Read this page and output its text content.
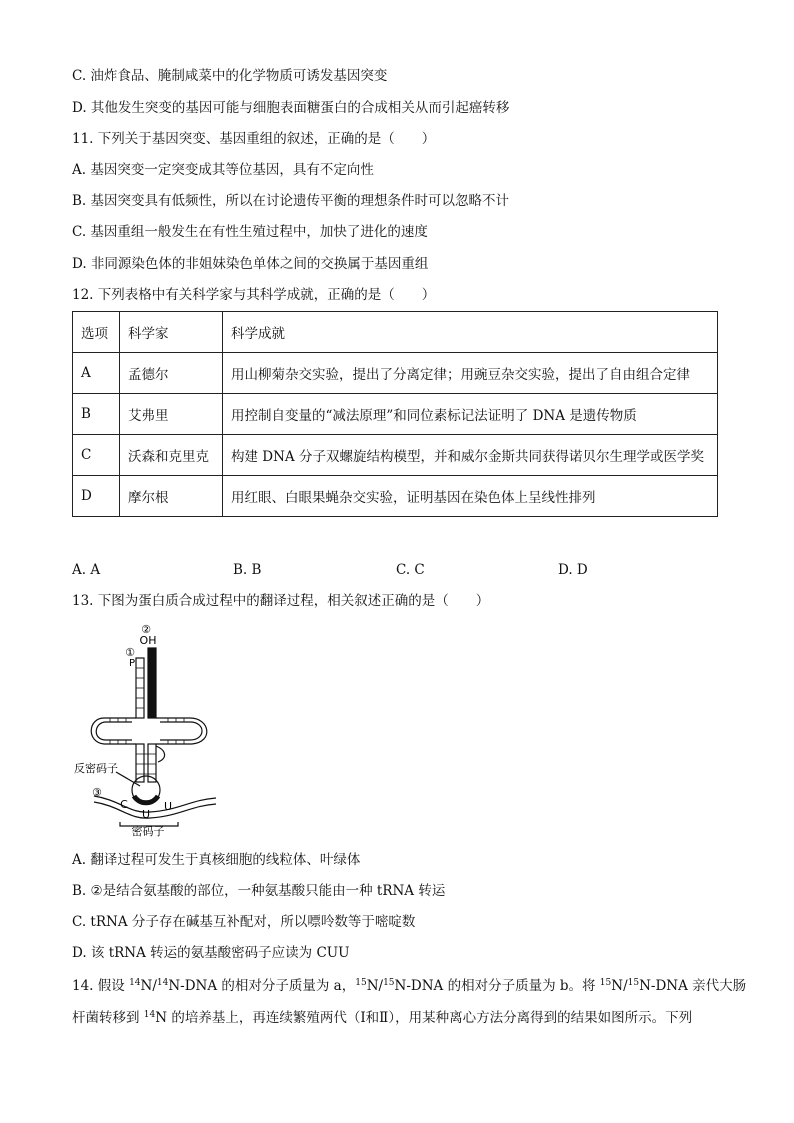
C. 油炸食品、腌制咸菜中的化学物质可诱发基因突变
D. 其他发生突变的基因可能与细胞表面糖蛋白的合成相关从而引起癌转移
11. 下列关于基因突变、基因重组的叙述，正确的是（　　）
A. 基因突变一定突变成其等位基因，具有不定向性
B. 基因突变具有低频性，所以在讨论遗传平衡的理想条件时可以忽略不计
C. 基因重组一般发生在有性生殖过程中，加快了进化的速度
D. 非同源染色体的非姐妹染色单体之间的交换属于基因重组
12. 下列表格中有关科学家与其科学成就，正确的是（　　）
选项	科学家	科学成就
A	孟德尔	用山柳菊杂交实验，提出了分离定律；用豌豆杂交实验，提出了自由组合定律
B	艾弗里	用控制自变量的“减法原理”和同位素标记法证明了 DNA 是遗传物质
C	沃森和克里克	构建 DNA 分子双螺旋结构模型，并和威尔金斯共同获得诺贝尔生理学或医学奖
D	摩尔根	用红眼、白眼果蝇杂交实验，证明基因在染色体上呈线性排列
A. A	B. B	C. C	D. D
13. 下图为蛋白质合成过程中的翻译过程，相关叙述正确的是（　　）
②
OH
①
P
反密码子
③
C
U
U
密码子
A. 翻译过程可发生于真核细胞的线粒体、叶绿体
B. ②是结合氨基酸的部位，一种氨基酸只能由一种 tRNA 转运
C. tRNA 分子存在碱基互补配对，所以嘌呤数等于嘧啶数
D. 该 tRNA 转运的氨基酸密码子应读为 CUU
14. 假设 $^{14}$N/$^{14}$N-DNA 的相对分子质量为 a，$^{15}$N/$^{15}$N-DNA 的相对分子质量为 b。将 $^{15}$N/$^{15}$N-DNA 亲代大肠
杆菌转移到 $^{14}$N 的培养基上，再连续繁殖两代（Ⅰ和Ⅱ），用某种离心方法分离得到的结果如图所示。下列
